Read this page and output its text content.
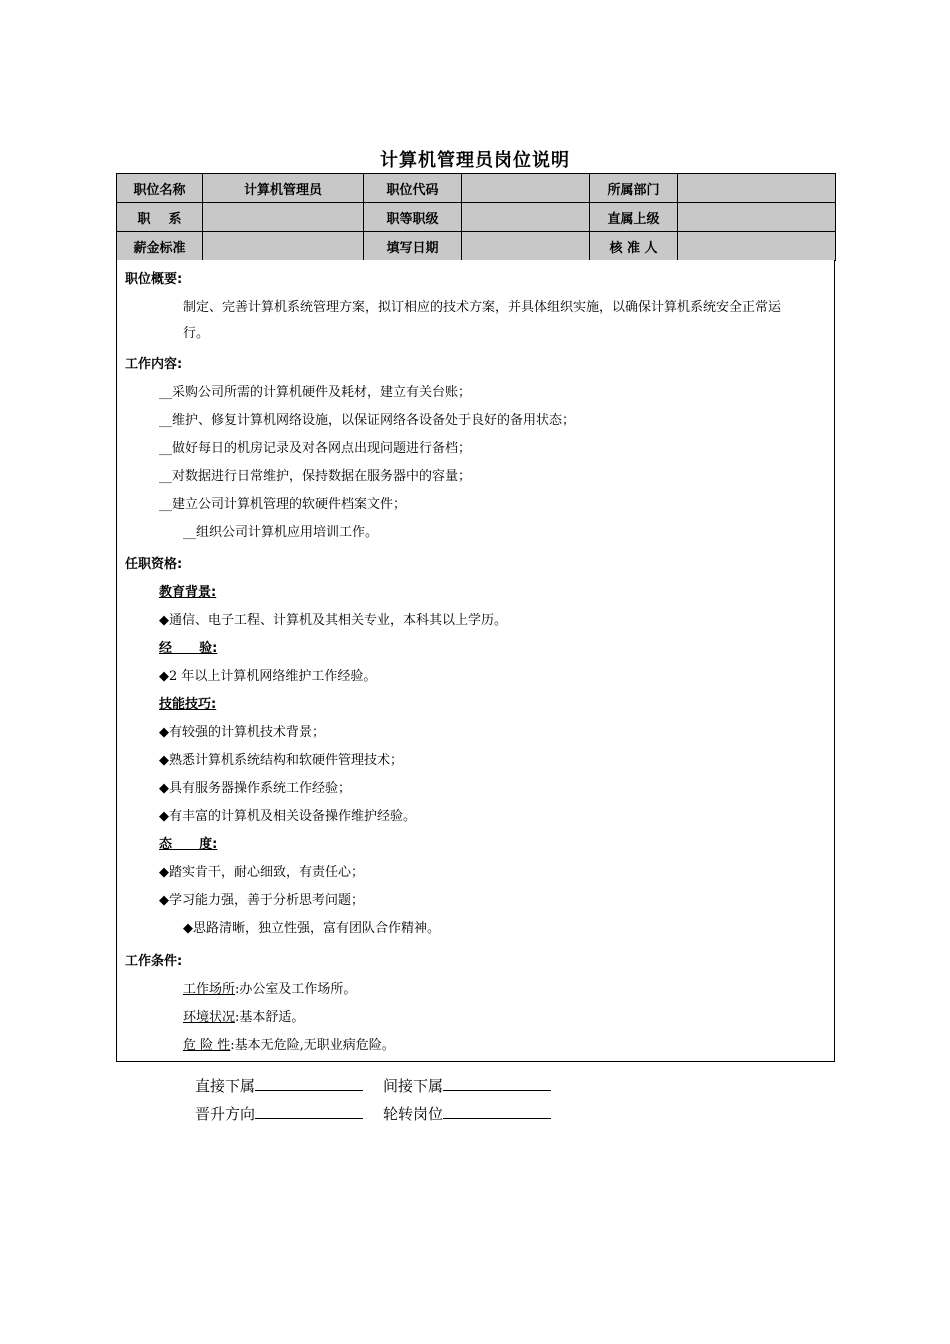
计算机管理员岗位说明
职位名称	计算机管理员	职位代码		所属部门	
职    系		职等职级		直属上级	
薪金标准		填写日期		核 准 人	
职位概要:
制定、完善计算机系统管理方案，拟订相应的技术方案，并具体组织实施，以确保计算机系统安全正常运
行。
工作内容:
__采购公司所需的计算机硬件及耗材，建立有关台账；
__维护、修复计算机网络设施，以保证网络各设备处于良好的备用状态；
__做好每日的机房记录及对各网点出现问题进行备档；
__对数据进行日常维护，保持数据在服务器中的容量；
__建立公司计算机管理的软硬件档案文件；
__组织公司计算机应用培训工作。
任职资格:
教育背景:
◆通信、电子工程、计算机及其相关专业，本科其以上学历。
经      验:
◆2 年以上计算机网络维护工作经验。
技能技巧:
◆有较强的计算机技术背景；
◆熟悉计算机系统结构和软硬件管理技术；
◆具有服务器操作系统工作经验；
◆有丰富的计算机及相关设备操作维护经验。
态      度:
◆踏实肯干，耐心细致，有责任心；
◆学习能力强，善于分析思考问题；
◆思路清晰，独立性强，富有团队合作精神。
工作条件:
工作场所:办公室及工作场所。
环境状况:基本舒适。
危 险 性:基本无危险,无职业病危险。
直接下属	间接下属
晋升方向	轮转岗位
